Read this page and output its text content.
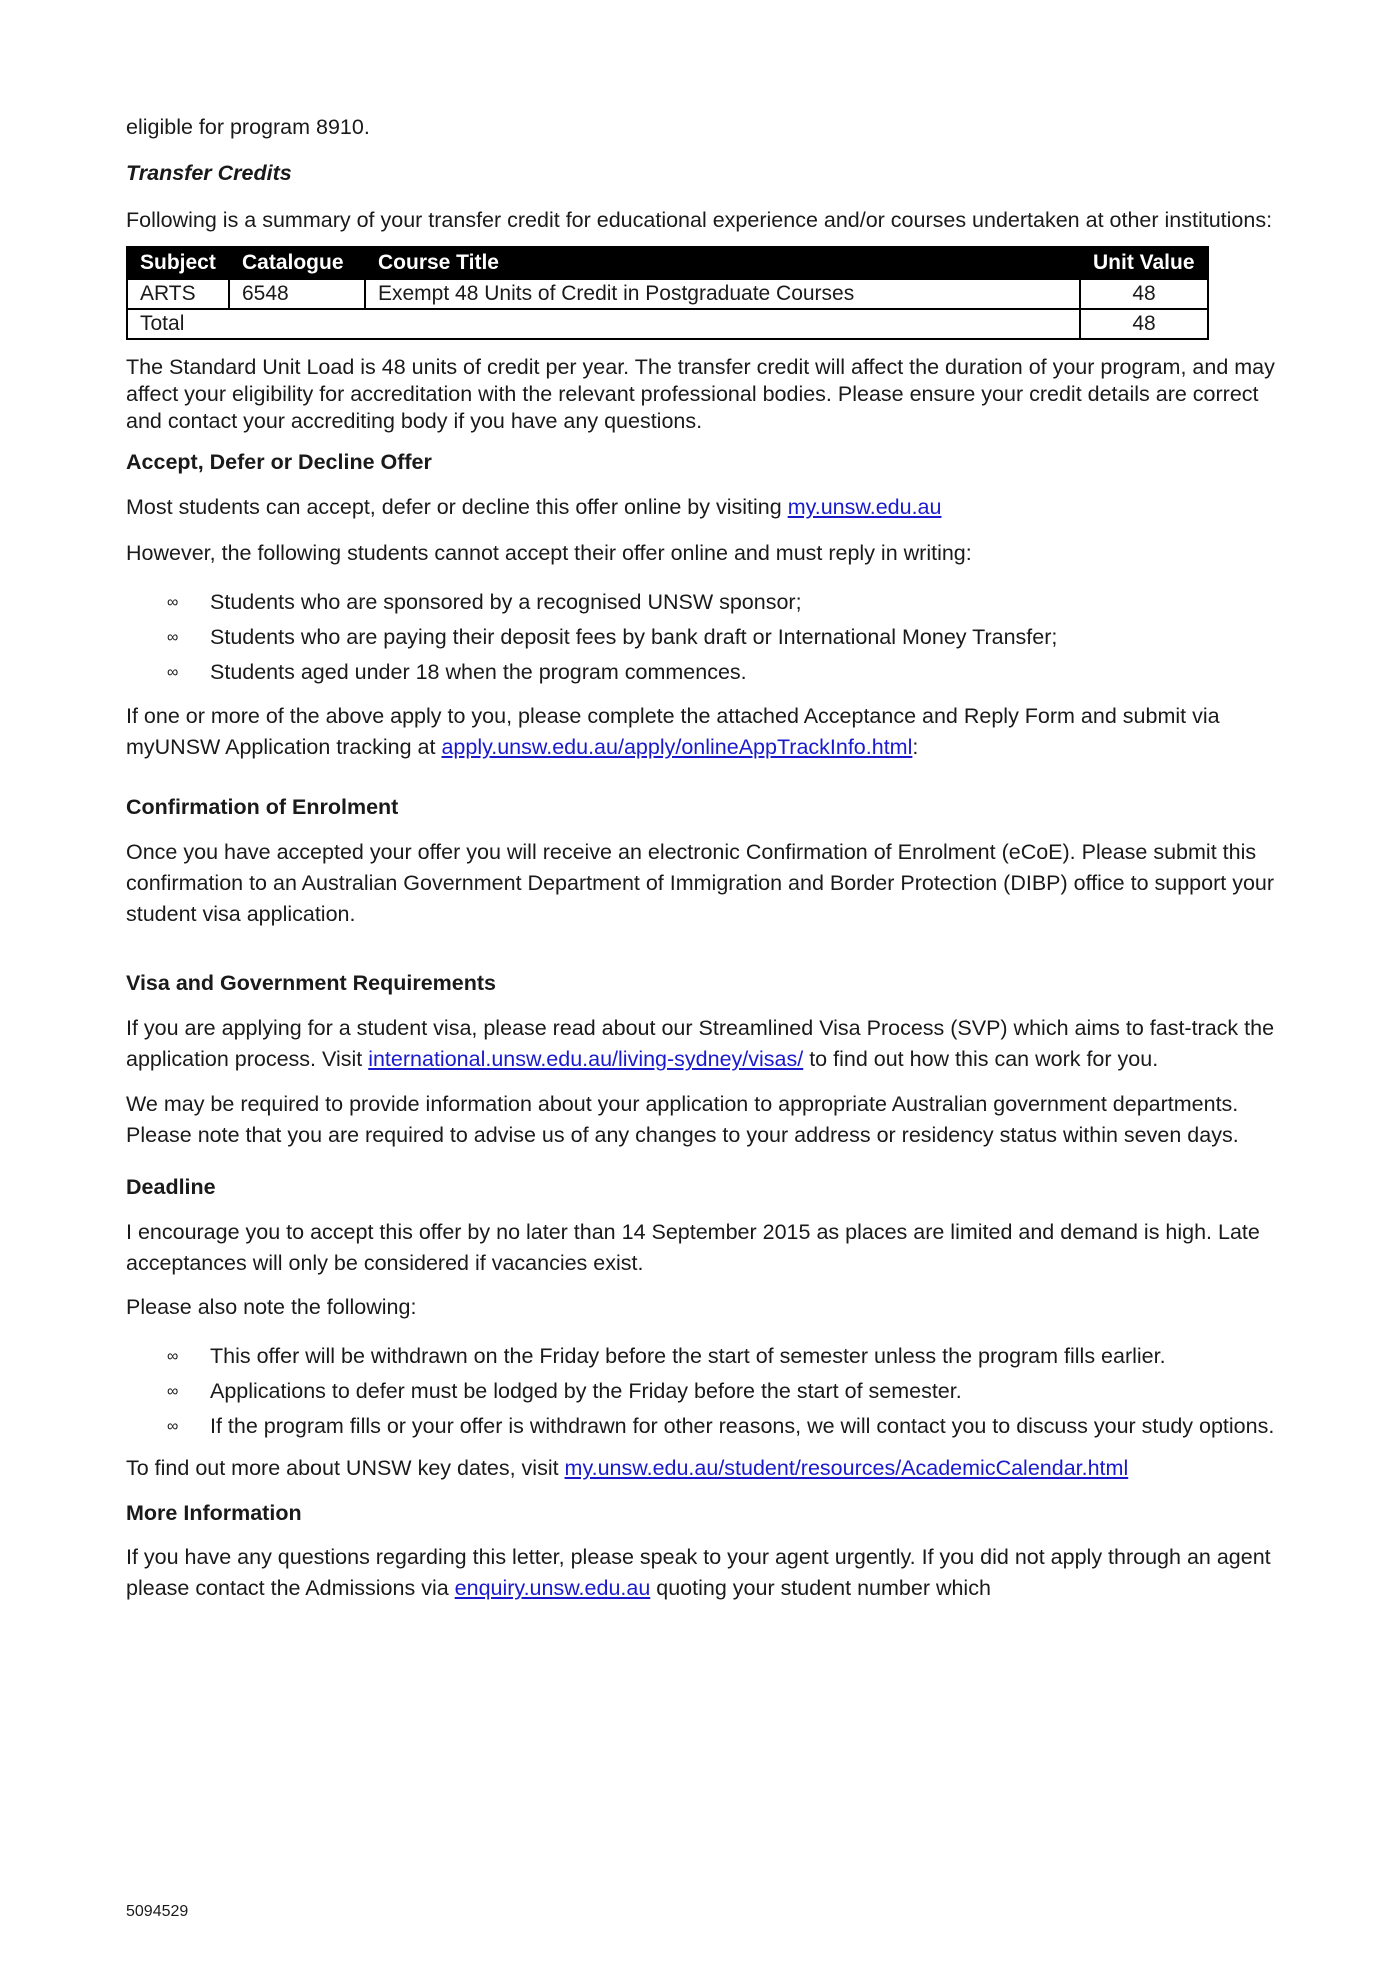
eligible for program 8910.

Transfer Credits

Following is a summary of your transfer credit for educational experience and/or courses undertaken at other institutions:

Subject	Catalogue	Course Title	Unit Value
ARTS	6548	Exempt 48 Units of Credit in Postgraduate Courses	48
Total			48

The Standard Unit Load is 48 units of credit per year. The transfer credit will affect the duration of your program, and may affect your eligibility for accreditation with the relevant professional bodies. Please ensure your credit details are correct and contact your accrediting body if you have any questions.

Accept, Defer or Decline Offer

Most students can accept, defer or decline this offer online by visiting my.unsw.edu.au

However, the following students cannot accept their offer online and must reply in writing:

∞ Students who are sponsored by a recognised UNSW sponsor;
∞ Students who are paying their deposit fees by bank draft or International Money Transfer;
∞ Students aged under 18 when the program commences.

If one or more of the above apply to you, please complete the attached Acceptance and Reply Form and submit via myUNSW Application tracking at apply.unsw.edu.au/apply/onlineAppTrackInfo.html:

Confirmation of Enrolment

Once you have accepted your offer you will receive an electronic Confirmation of Enrolment (eCoE). Please submit this confirmation to an Australian Government Department of Immigration and Border Protection (DIBP) office to support your student visa application.

Visa and Government Requirements

If you are applying for a student visa, please read about our Streamlined Visa Process (SVP) which aims to fast-track the application process. Visit international.unsw.edu.au/living-sydney/visas/ to find out how this can work for you.

We may be required to provide information about your application to appropriate Australian government departments. Please note that you are required to advise us of any changes to your address or residency status within seven days.

Deadline

I encourage you to accept this offer by no later than 14 September 2015 as places are limited and demand is high. Late acceptances will only be considered if vacancies exist.

Please also note the following:

∞ This offer will be withdrawn on the Friday before the start of semester unless the program fills earlier.
∞ Applications to defer must be lodged by the Friday before the start of semester.
∞ If the program fills or your offer is withdrawn for other reasons, we will contact you to discuss your study options.

To find out more about UNSW key dates, visit my.unsw.edu.au/student/resources/AcademicCalendar.html

More Information

If you have any questions regarding this letter, please speak to your agent urgently. If you did not apply through an agent please contact the Admissions via enquiry.unsw.edu.au quoting your student number which

5094529
